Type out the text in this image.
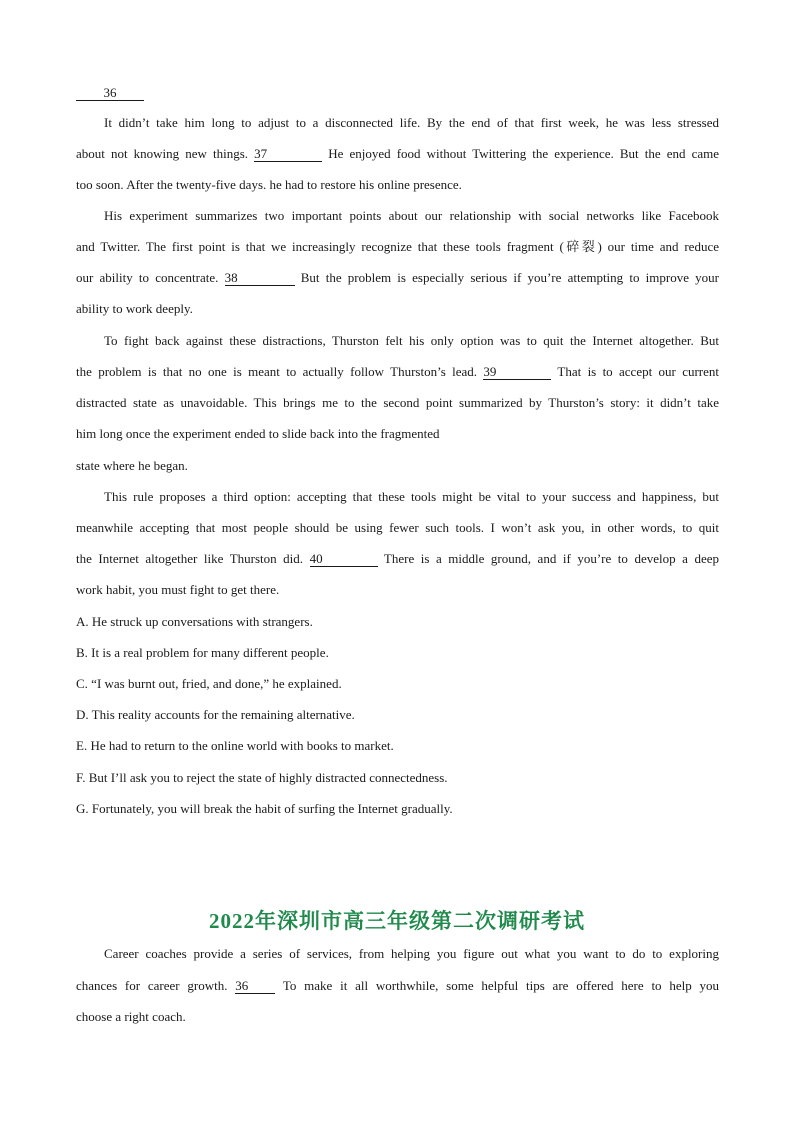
36
It didn’t take him long to adjust to a disconnected life. By the end of that first week, he was less stressed
about not knowing new things. 37	He enjoyed food without Twittering the experience. But the end came
too soon. After the twenty-five days. he had to restore his online presence.
His experiment summarizes two important points about our relationship with social networks like Facebook
and Twitter. The first point is that we increasingly recognize that these tools fragment (碎裂) our time and reduce
our ability to concentrate. 38	But the problem is especially serious if you’re attempting to improve your
ability to work deeply.
To fight back against these distractions, Thurston felt his only option was to quit the Internet altogether. But
the problem is that no one is meant to actually follow Thurston’s lead. 39	That is to accept our current
distracted state as unavoidable. This brings me to the second point summarized by Thurston’s story: it didn’t take
him long once the experiment ended to slide back into the fragmented
state where he began.
This rule proposes a third option: accepting that these tools might be vital to your success and happiness, but
meanwhile accepting that most people should be using fewer such tools. I won’t ask you, in other words, to quit
the Internet altogether like Thurston did. 40	There is a middle ground, and if you’re to develop a deep
work habit, you must fight to get there.
A. He struck up conversations with strangers.
B. It is a real problem for many different people.
C. “I was burnt out, fried, and done,” he explained.
D. This reality accounts for the remaining alternative.
E. He had to return to the online world with books to market.
F. But I’ll ask you to reject the state of highly distracted connectedness.
G. Fortunately, you will break the habit of surfing the Internet gradually.
2022年深圳市高三年级第二次调研考试
Career coaches provide a series of services, from helping you figure out what you want to do to exploring
chances for career growth. 36	To make it all worthwhile, some helpful tips are offered here to help you
choose a right coach.
